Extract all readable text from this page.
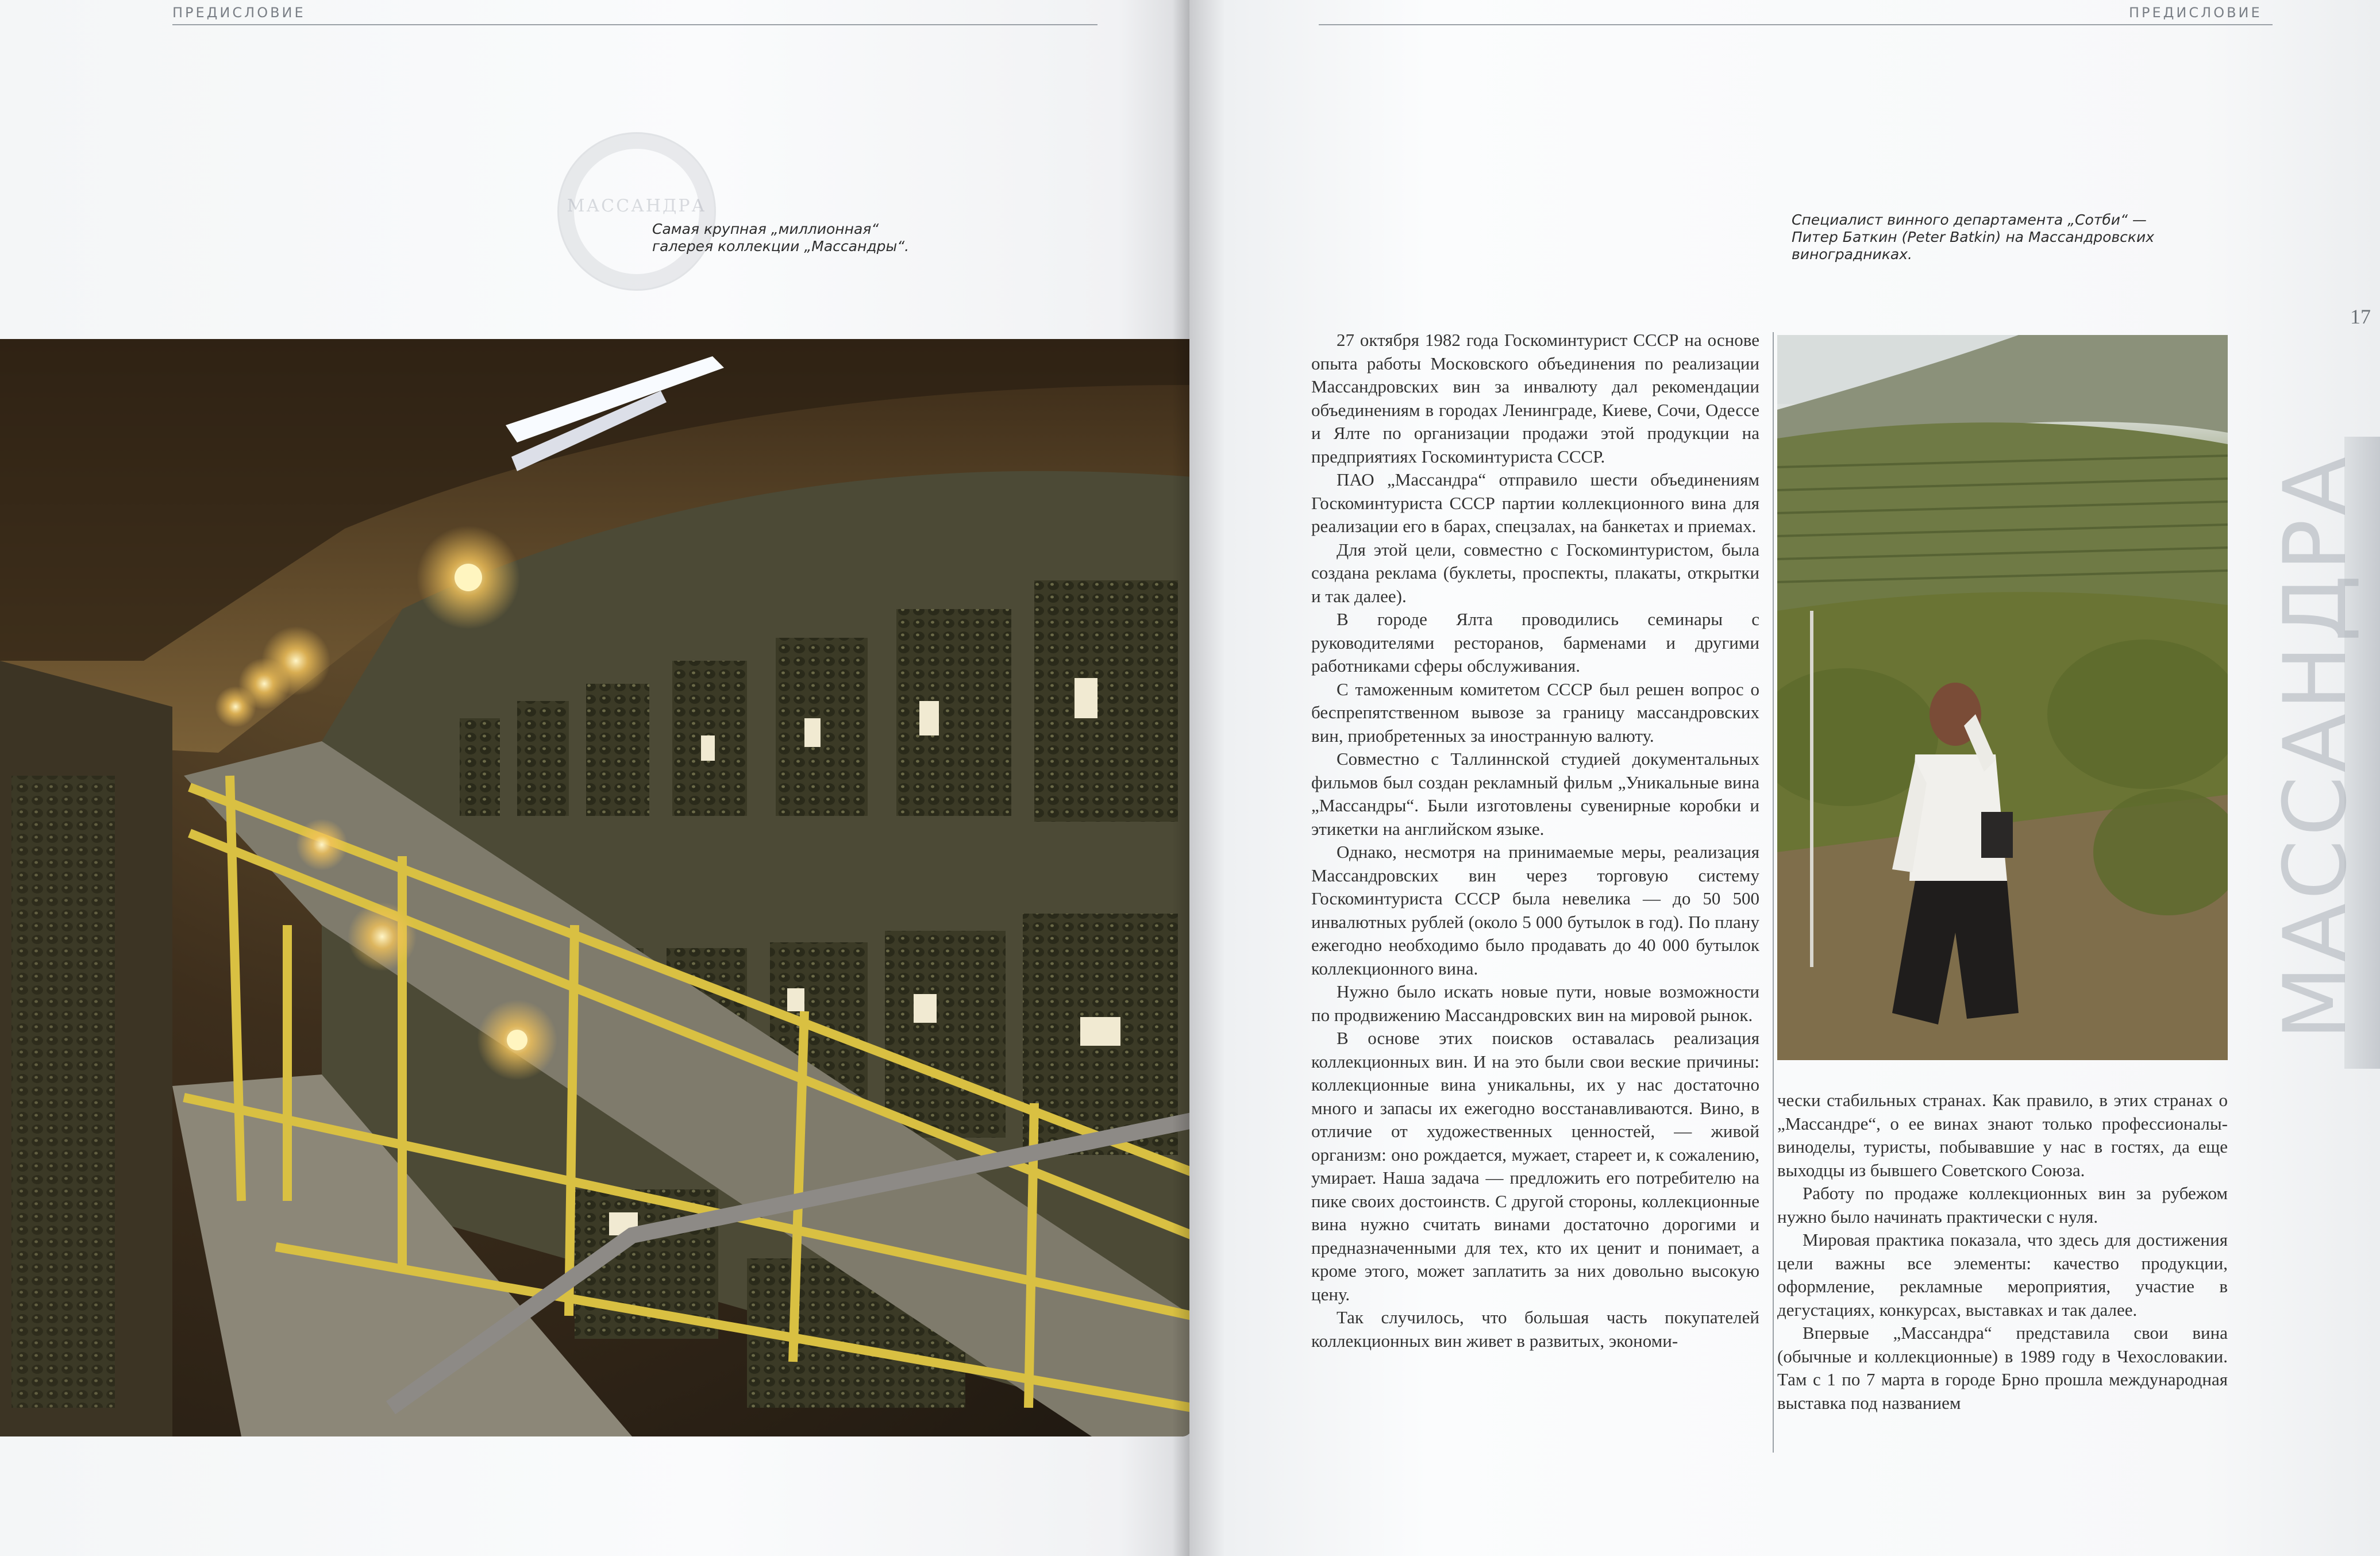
ПРЕДИСЛОВИЕ
МАССАНДРА
Самая крупная „миллионная“
галерея коллекции „Массандры“.
ПРЕДИСЛОВИЕ
Специалист винного департамента „Сотби“ —
Питер Баткин (Peter Batkin) на Массандровских
виноградниках.
17

27 октября 1982 года Госкоминтурист СССР на основе опыта работы Московского объединения по реализации Массандровских вин за инвалюту дал рекомендации объединениям в городах Ленинграде, Киеве, Сочи, Одессе и Ялте по организации продажи этой продукции на предприятиях Госкоминтуриста СССР.

ПАО „Массандра“ отправило шести объединениям Госкоминтуриста СССР партии коллекционного вина для реализации его в барах, спецзалах, на банкетах и приемах.

Для этой цели, совместно с Госкоминтуристом, была создана реклама (буклеты, проспекты, плакаты, открытки и так далее).

В городе Ялта проводились семинары с руководителями ресторанов, барменами и другими работниками сферы обслуживания.

С таможенным комитетом СССР был решен вопрос о беспрепятственном вывозе за границу массандровских вин, приобретенных за иностранную валюту.

Совместно с Таллиннской студией документальных фильмов был создан рекламный фильм „Уникальные вина „Массандры“. Были изготовлены сувенирные коробки и этикетки на английском языке.

Однако, несмотря на принимаемые меры, реализация Массандровских вин через торговую систему Госкоминтуриста СССР была невелика — до 50 500 инвалютных рублей (около 5 000 бутылок в год). По плану ежегодно необходимо было продавать до 40 000 бутылок коллекционного вина.

Нужно было искать новые пути, новые возможности по продвижению Массандровских вин на мировой рынок.

В основе этих поисков оставалась реализация коллекционных вин. И на это были свои веские причины: коллекционные вина уникальны, их у нас достаточно много и запасы их ежегодно восстанавливаются. Вино, в отличие от художественных ценностей, — живой организм: оно рождается, мужает, стареет и, к сожалению, умирает. Наша задача — предложить его потребителю на пике своих достоинств. С другой стороны, коллекционные вина нужно считать винами достаточно дорогими и предназначенными для тех, кто их ценит и понимает, а кроме этого, может заплатить за них довольно высокую цену.

Так случилось, что большая часть покупателей коллекционных вин живет в развитых, экономи-

чески стабильных странах. Как правило, в этих странах о „Массандре“, о ее винах знают только профессионалы-виноделы, туристы, побывавшие у нас в гостях, да еще выходцы из бывшего Советского Союза.

Работу по продаже коллекционных вин за рубежом нужно было начинать практически с нуля.

Мировая практика показала, что здесь для достижения цели важны все элементы: качество продукции, оформление, рекламные мероприятия, участие в дегустациях, конкурсах, выставках и так далее.

Впервые „Массандра“ представила свои вина (обычные и коллекционные) в 1989 году в Чехословакии. Там с 1 по 7 марта в городе Брно прошла международная выставка под названием

МАССАНДРА
